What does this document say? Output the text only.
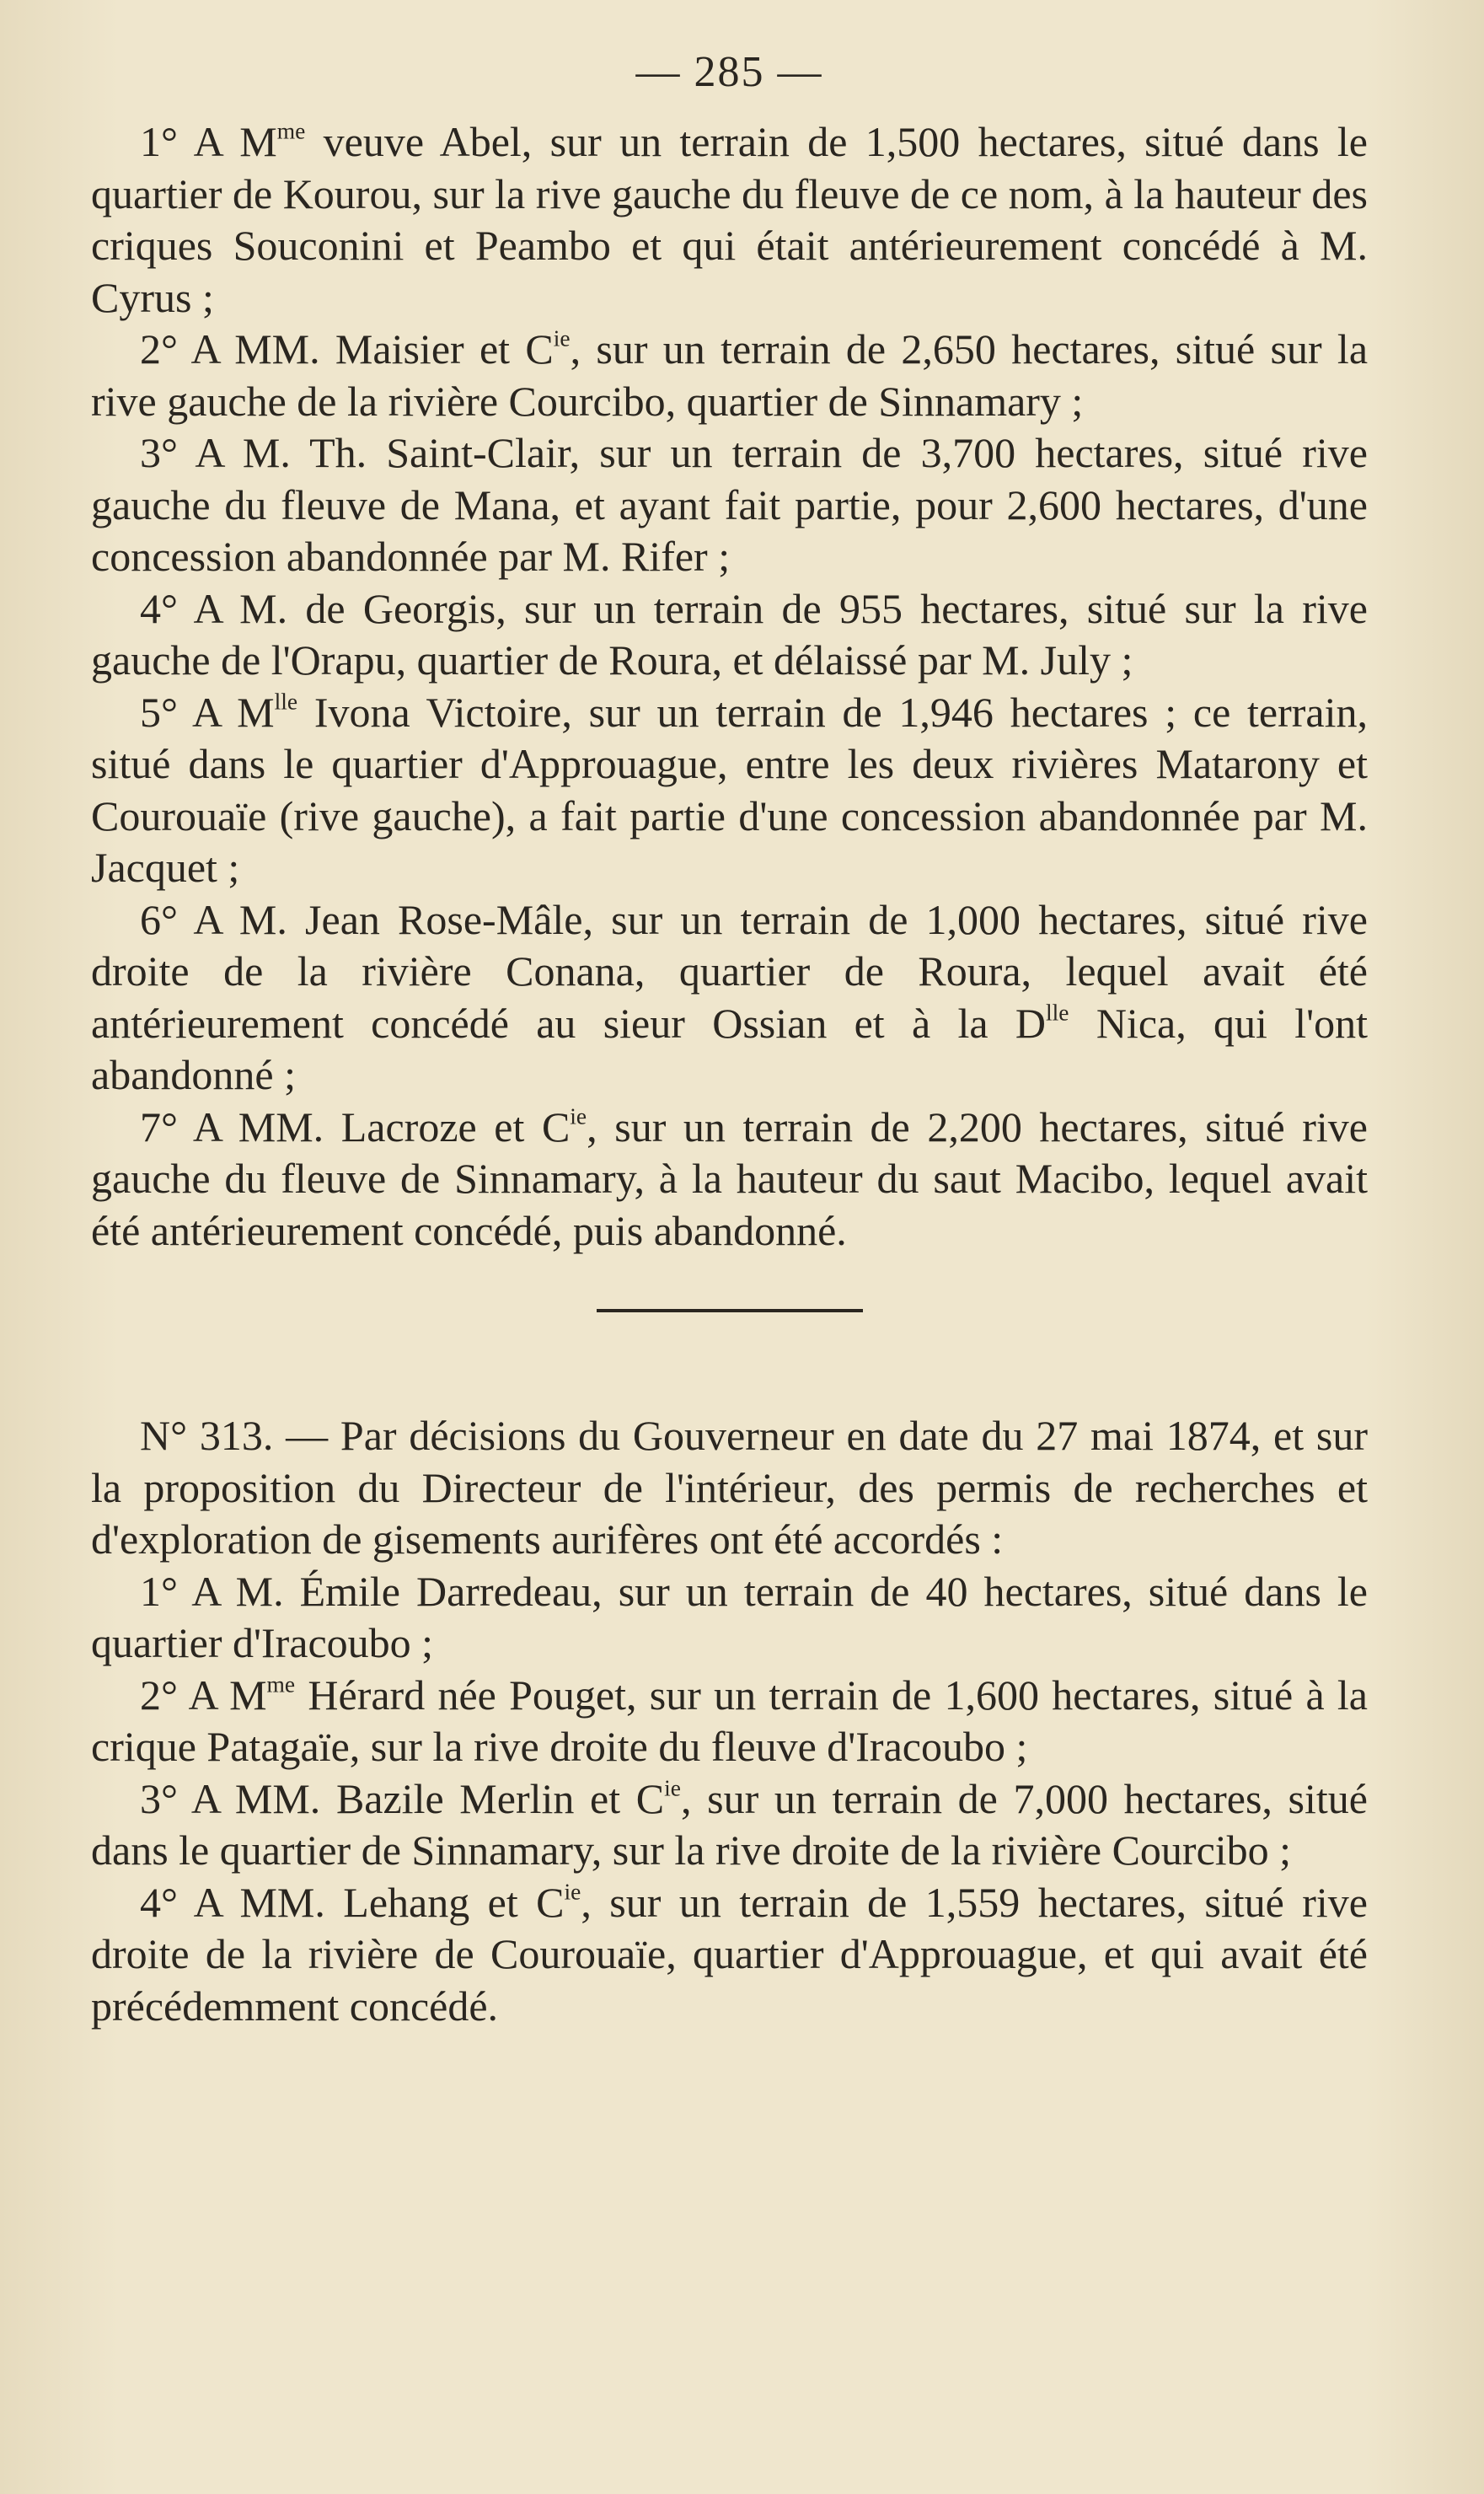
— 285 —

1° A $M^{me}$ veuve Abel, sur un terrain de 1,500 hectares, situé dans le quartier de Kourou, sur la rive gauche du fleuve de ce nom, à la hauteur des criques Souconini et Peambo et qui était antérieurement concédé à M. Cyrus ;

2° A MM. Maisier et $C^{ie}$, sur un terrain de 2,650 hectares, situé sur la rive gauche de la rivière Courcibo, quartier de Sinnamary ;

3° A M. Th. Saint-Clair, sur un terrain de 3,700 hectares, situé rive gauche du fleuve de Mana, et ayant fait partie, pour 2,600 hectares, d'une concession abandonnée par M. Rifer ;

4° A M. de Georgis, sur un terrain de 955 hectares, situé sur la rive gauche de l'Orapu, quartier de Roura, et délaissé par M. July ;

5° A $M^{lle}$ Ivona Victoire, sur un terrain de 1,946 hectares ; ce terrain, situé dans le quartier d'Approuague, entre les deux rivières Matarony et Courouaïe (rive gauche), a fait partie d'une concession abandonnée par M. Jacquet ;

6° A M. Jean Rose-Mâle, sur un terrain de 1,000 hectares, situé rive droite de la rivière Conana, quartier de Roura, lequel avait été antérieurement concédé au sieur Ossian et à la $D^{lle}$ Nica, qui l'ont abandonné ;

7° A MM. Lacroze et $C^{ie}$, sur un terrain de 2,200 hectares, situé rive gauche du fleuve de Sinnamary, à la hauteur du saut Macibo, lequel avait été antérieurement concédé, puis abandonné.

N° 313. — Par décisions du Gouverneur en date du 27 mai 1874, et sur la proposition du Directeur de l'intérieur, des permis de recherches et d'exploration de gisements aurifères ont été accordés :

1° A M. Émile Darredeau, sur un terrain de 40 hectares, situé dans le quartier d'Iracoubo ;

2° A $M^{me}$ Hérard née Pouget, sur un terrain de 1,600 hectares, situé à la crique Patagaïe, sur la rive droite du fleuve d'Iracoubo ;

3° A MM. Bazile Merlin et $C^{ie}$, sur un terrain de 7,000 hectares, situé dans le quartier de Sinnamary, sur la rive droite de la rivière Courcibo ;

4° A MM. Lehang et $C^{ie}$, sur un terrain de 1,559 hectares, situé rive droite de la rivière de Courouaïe, quartier d'Approuague, et qui avait été précédemment concédé.
